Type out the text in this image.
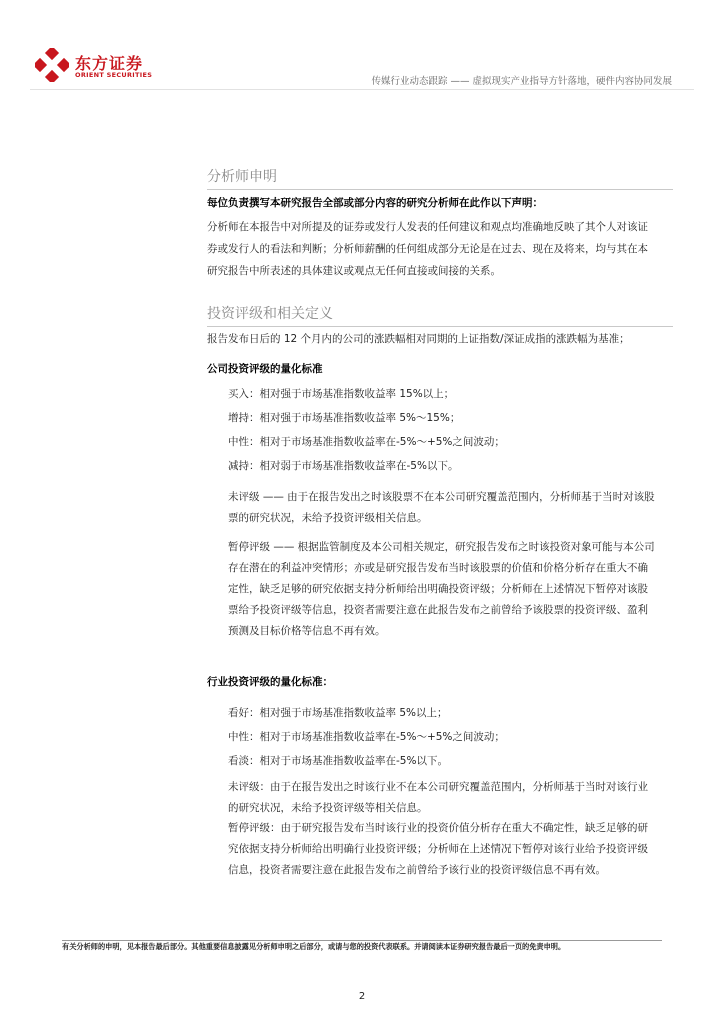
东方证券
ORIENT SECURITIES
传媒行业动态跟踪 —— 虚拟现实产业指导方针落地，硬件内容协同发展
分析师申明
每位负责撰写本研究报告全部或部分内容的研究分析师在此作以下声明：
分析师在本报告中对所提及的证券或发行人发表的任何建议和观点均准确地反映了其个人对该证
券或发行人的看法和判断；分析师薪酬的任何组成部分无论是在过去、现在及将来，均与其在本
研究报告中所表述的具体建议或观点无任何直接或间接的关系。
投资评级和相关定义
报告发布日后的 12 个月内的公司的涨跌幅相对同期的上证指数/深证成指的涨跌幅为基准；
公司投资评级的量化标准
买入：相对强于市场基准指数收益率 15%以上；
增持：相对强于市场基准指数收益率 5%～15%；
中性：相对于市场基准指数收益率在-5%～+5%之间波动；
减持：相对弱于市场基准指数收益率在-5%以下。
未评级 —— 由于在报告发出之时该股票不在本公司研究覆盖范围内，分析师基于当时对该股
票的研究状况，未给予投资评级相关信息。
暂停评级 —— 根据监管制度及本公司相关规定，研究报告发布之时该投资对象可能与本公司
存在潜在的利益冲突情形；亦或是研究报告发布当时该股票的价值和价格分析存在重大不确
定性，缺乏足够的研究依据支持分析师给出明确投资评级；分析师在上述情况下暂停对该股
票给予投资评级等信息，投资者需要注意在此报告发布之前曾给予该股票的投资评级、盈利
预测及目标价格等信息不再有效。
行业投资评级的量化标准：
看好：相对强于市场基准指数收益率 5%以上；
中性：相对于市场基准指数收益率在-5%～+5%之间波动；
看淡：相对于市场基准指数收益率在-5%以下。
未评级：由于在报告发出之时该行业不在本公司研究覆盖范围内，分析师基于当时对该行业
的研究状况，未给予投资评级等相关信息。
暂停评级：由于研究报告发布当时该行业的投资价值分析存在重大不确定性，缺乏足够的研
究依据支持分析师给出明确行业投资评级；分析师在上述情况下暂停对该行业给予投资评级
信息，投资者需要注意在此报告发布之前曾给予该行业的投资评级信息不再有效。
有关分析师的申明，见本报告最后部分。其他重要信息披露见分析师申明之后部分，或请与您的投资代表联系。并请阅读本证券研究报告最后一页的免责申明。
2
